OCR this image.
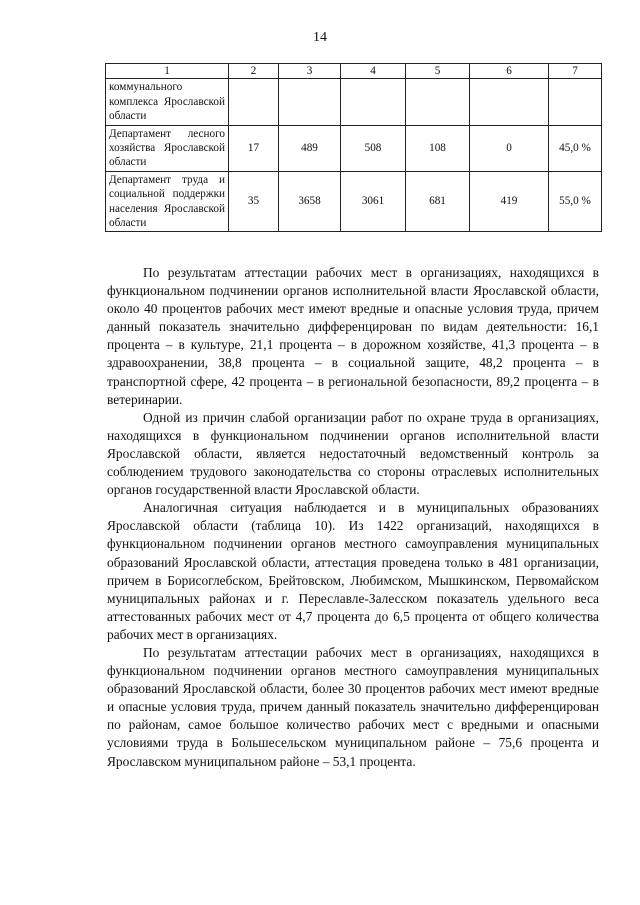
14
1	2	3	4	5	6	7
коммунального комплекса Ярославской области						
Департамент лесного хозяйства Ярославской области	17	489	508	108	0	45,0 %
Департамент труда и социальной поддержки населения Ярославской области	35	3658	3061	681	419	55,0 %

По результатам аттестации рабочих мест в организациях, находящихся в функциональном подчинении органов исполнительной власти Ярославской области, около 40 процентов рабочих мест имеют вредные и опасные условия труда, причем данный показатель значительно дифференцирован по видам деятельности: 16,1 процента – в культуре, 21,1 процента – в дорожном хозяйстве, 41,3 процента – в здравоохранении, 38,8 процента – в социальной защите, 48,2 процента – в транспортной сфере, 42 процента – в региональной безопасности, 89,2 процента – в ветеринарии.

Одной из причин слабой организации работ по охране труда в организациях, находящихся в функциональном подчинении органов исполнительной власти Ярославской области, является недостаточный ведомственный контроль за соблюдением трудового законодательства со стороны отраслевых исполнительных органов государственной власти Ярославской области.

Аналогичная ситуация наблюдается и в муниципальных образованиях Ярославской области (таблица 10). Из 1422 организаций, находящихся в функциональном подчинении органов местного самоуправления муниципальных образований Ярославской области, аттестация проведена только в 481 организации, причем в Борисоглебском, Брейтовском, Любимском, Мышкинском, Первомайском муниципальных районах и г. Переславле-Залесском показатель удельного веса аттестованных рабочих мест от 4,7 процента до 6,5 процента от общего количества рабочих мест в организациях.

По результатам аттестации рабочих мест в организациях, находящихся в функциональном подчинении органов местного самоуправления муниципальных образований Ярославской области, более 30 процентов рабочих мест имеют вредные и опасные условия труда, причем данный показатель значительно дифференцирован по районам, самое большое количество рабочих мест с вредными и опасными условиями труда в Большесельском муниципальном районе – 75,6 процента и Ярославском муниципальном районе – 53,1 процента.
